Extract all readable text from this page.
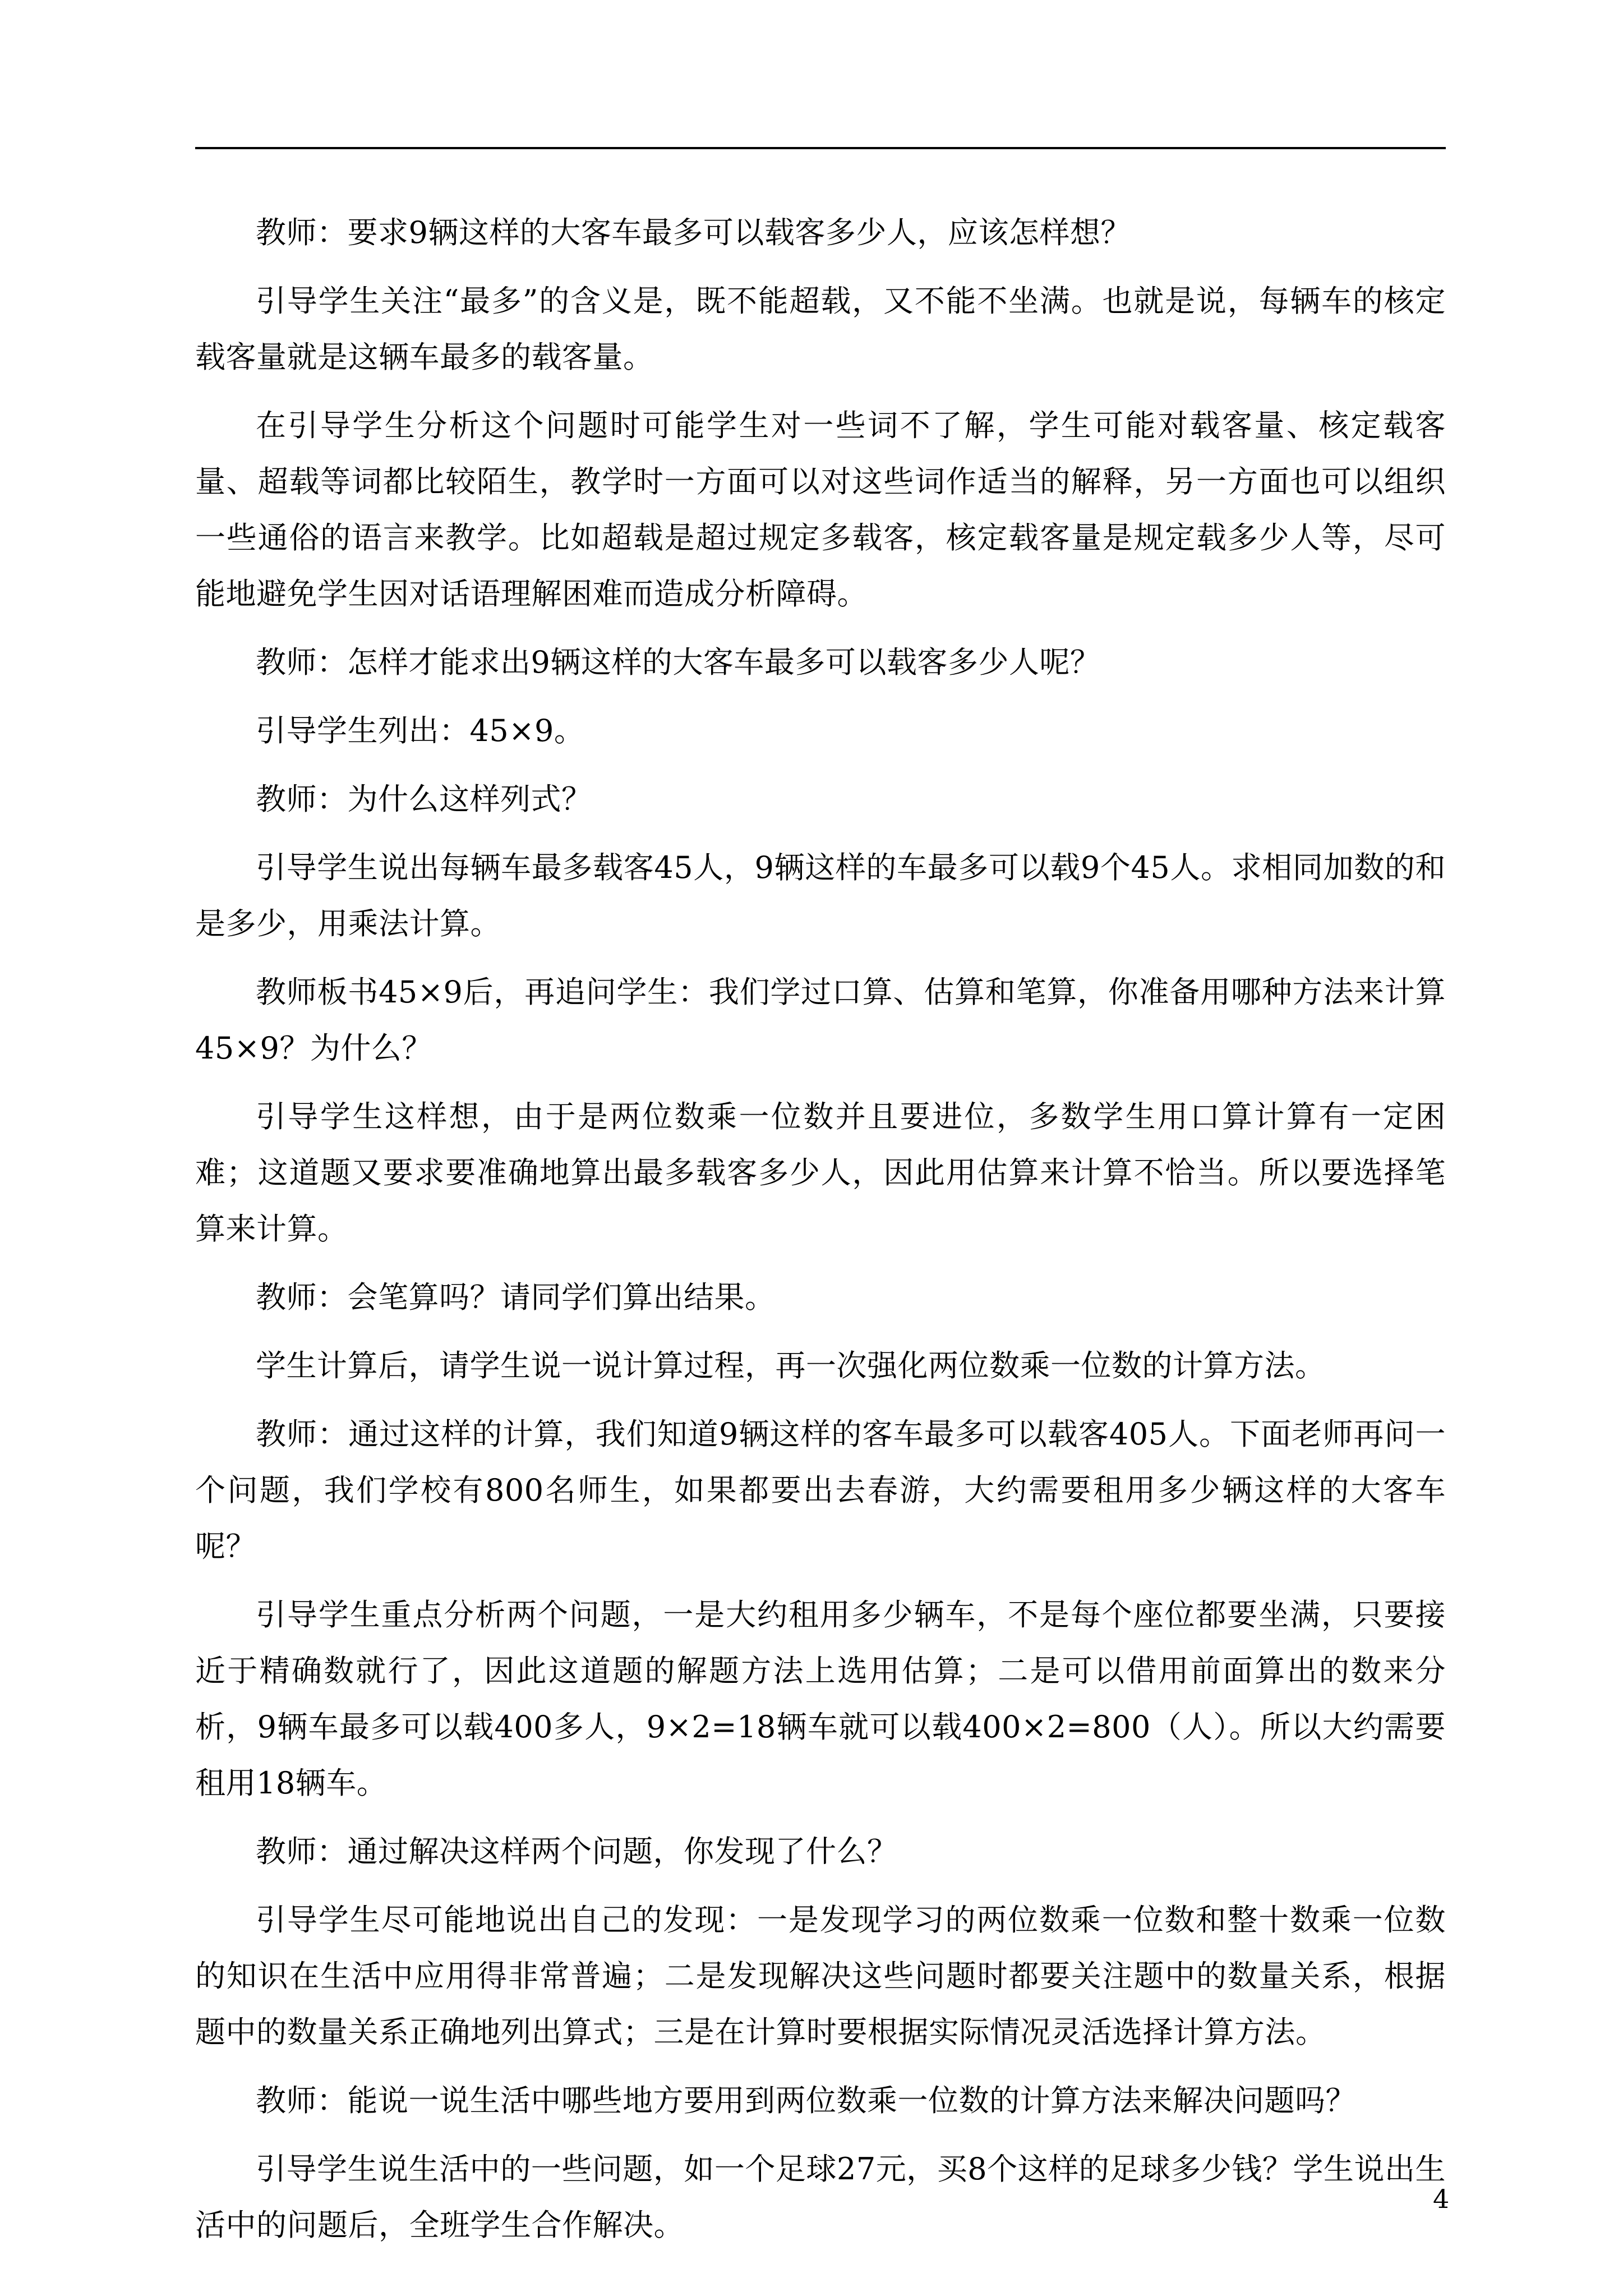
教师：要求9辆这样的大客车最多可以载客多少人，应该怎样想？

引导学生关注“最多”的含义是，既不能超载，又不能不坐满。也就是说，每辆车的核定载客量就是这辆车最多的载客量。

在引导学生分析这个问题时可能学生对一些词不了解，学生可能对载客量、核定载客量、超载等词都比较陌生，教学时一方面可以对这些词作适当的解释，另一方面也可以组织一些通俗的语言来教学。比如超载是超过规定多载客，核定载客量是规定载多少人等，尽可能地避免学生因对话语理解困难而造成分析障碍。

教师：怎样才能求出9辆这样的大客车最多可以载客多少人呢？

引导学生列出：45×9。

教师：为什么这样列式？

引导学生说出每辆车最多载客45人，9辆这样的车最多可以载9个45人。求相同加数的和是多少，用乘法计算。

教师板书45×9后，再追问学生：我们学过口算、估算和笔算，你准备用哪种方法来计算45×9？为什么？

引导学生这样想，由于是两位数乘一位数并且要进位，多数学生用口算计算有一定困难；这道题又要求要准确地算出最多载客多少人，因此用估算来计算不恰当。所以要选择笔算来计算。

教师：会笔算吗？请同学们算出结果。

学生计算后，请学生说一说计算过程，再一次强化两位数乘一位数的计算方法。

教师：通过这样的计算，我们知道9辆这样的客车最多可以载客405人。下面老师再问一个问题，我们学校有800名师生，如果都要出去春游，大约需要租用多少辆这样的大客车呢？

引导学生重点分析两个问题，一是大约租用多少辆车，不是每个座位都要坐满，只要接近于精确数就行了，因此这道题的解题方法上选用估算；二是可以借用前面算出的数来分析，9辆车最多可以载400多人，9×2=18辆车就可以载400×2=800（人）。所以大约需要租用18辆车。

教师：通过解决这样两个问题，你发现了什么？

引导学生尽可能地说出自己的发现：一是发现学习的两位数乘一位数和整十数乘一位数的知识在生活中应用得非常普遍；二是发现解决这些问题时都要关注题中的数量关系，根据题中的数量关系正确地列出算式；三是在计算时要根据实际情况灵活选择计算方法。

教师：能说一说生活中哪些地方要用到两位数乘一位数的计算方法来解决问题吗？

引导学生说生活中的一些问题，如一个足球27元，买8个这样的足球多少钱？学生说出生活中的问题后，全班学生合作解决。

4
